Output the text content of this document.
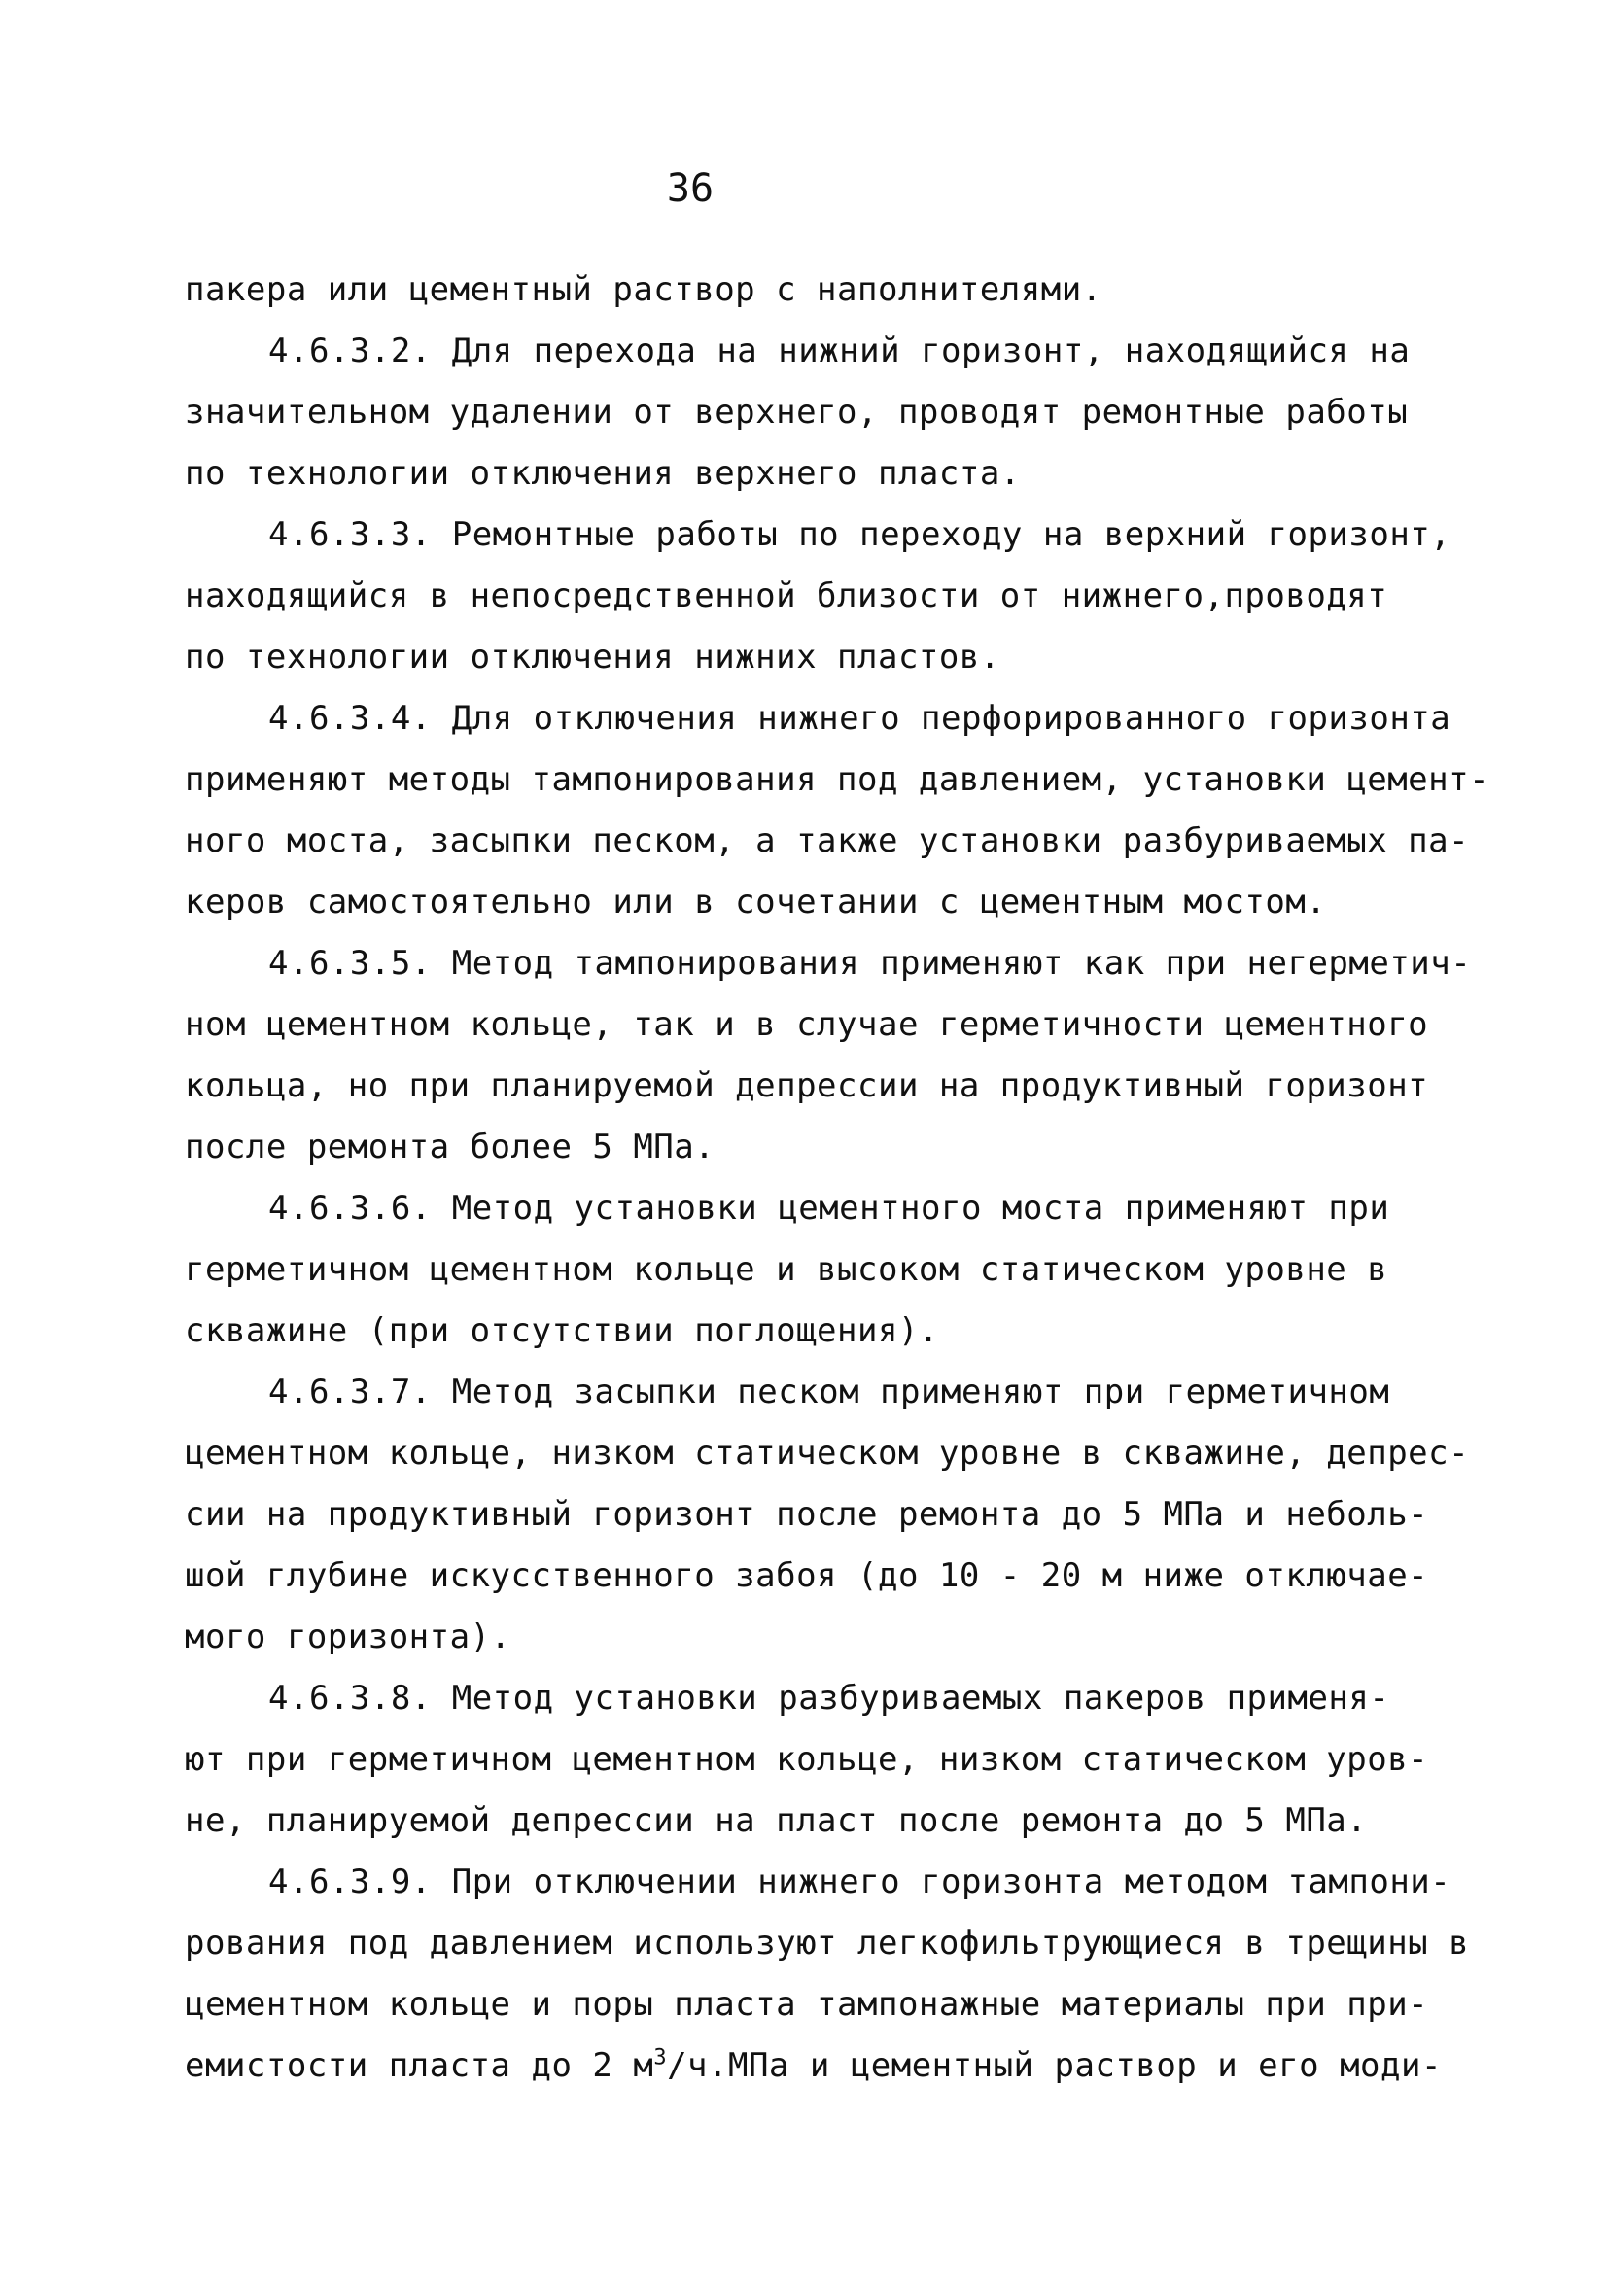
36
пакера или цементный раствор с наполнителями.
4.6.3.2. Для перехода на нижний горизонт, находящийся на
значительном удалении от верхнего, проводят ремонтные работы
по технологии отключения верхнего пласта.
4.6.3.3. Ремонтные работы по переходу на верхний горизонт,
находящийся в непосредственной близости от нижнего,проводят
по технологии отключения нижних пластов.
4.6.3.4. Для отключения нижнего перфорированного горизонта
применяют методы тампонирования под давлением, установки цемент-
ного моста, засыпки песком, а также установки разбуриваемых па-
керов самостоятельно или в сочетании с цементным мостом.
4.6.3.5. Метод тампонирования применяют как при негерметич-
ном цементном кольце, так и в случае герметичности цементного
кольца, но при планируемой депрессии на продуктивный горизонт
после ремонта более 5 МПа.
4.6.3.6. Метод установки цементного моста применяют при
герметичном цементном кольце и высоком статическом уровне в
скважине (при отсутствии поглощения).
4.6.3.7. Метод засыпки песком применяют при герметичном
цементном кольце, низком статическом уровне в скважине, депрес-
сии на продуктивный горизонт после ремонта до 5 МПа и неболь-
шой глубине искусственного забоя (до 10 - 20 м ниже отключае-
мого горизонта).
4.6.3.8. Метод установки разбуриваемых пакеров применя-
ют при герметичном цементном кольце, низком статическом уров-
не, планируемой депрессии на пласт после ремонта до 5 МПа.
4.6.3.9. При отключении нижнего горизонта методом тампони-
рования под давлением используют легкофильтрующиеся в трещины в
цементном кольце и поры пласта тампонажные материалы при при-
емистости пласта до 2 $м^3/ч.МПа$ и цементный раствор и его моди-
